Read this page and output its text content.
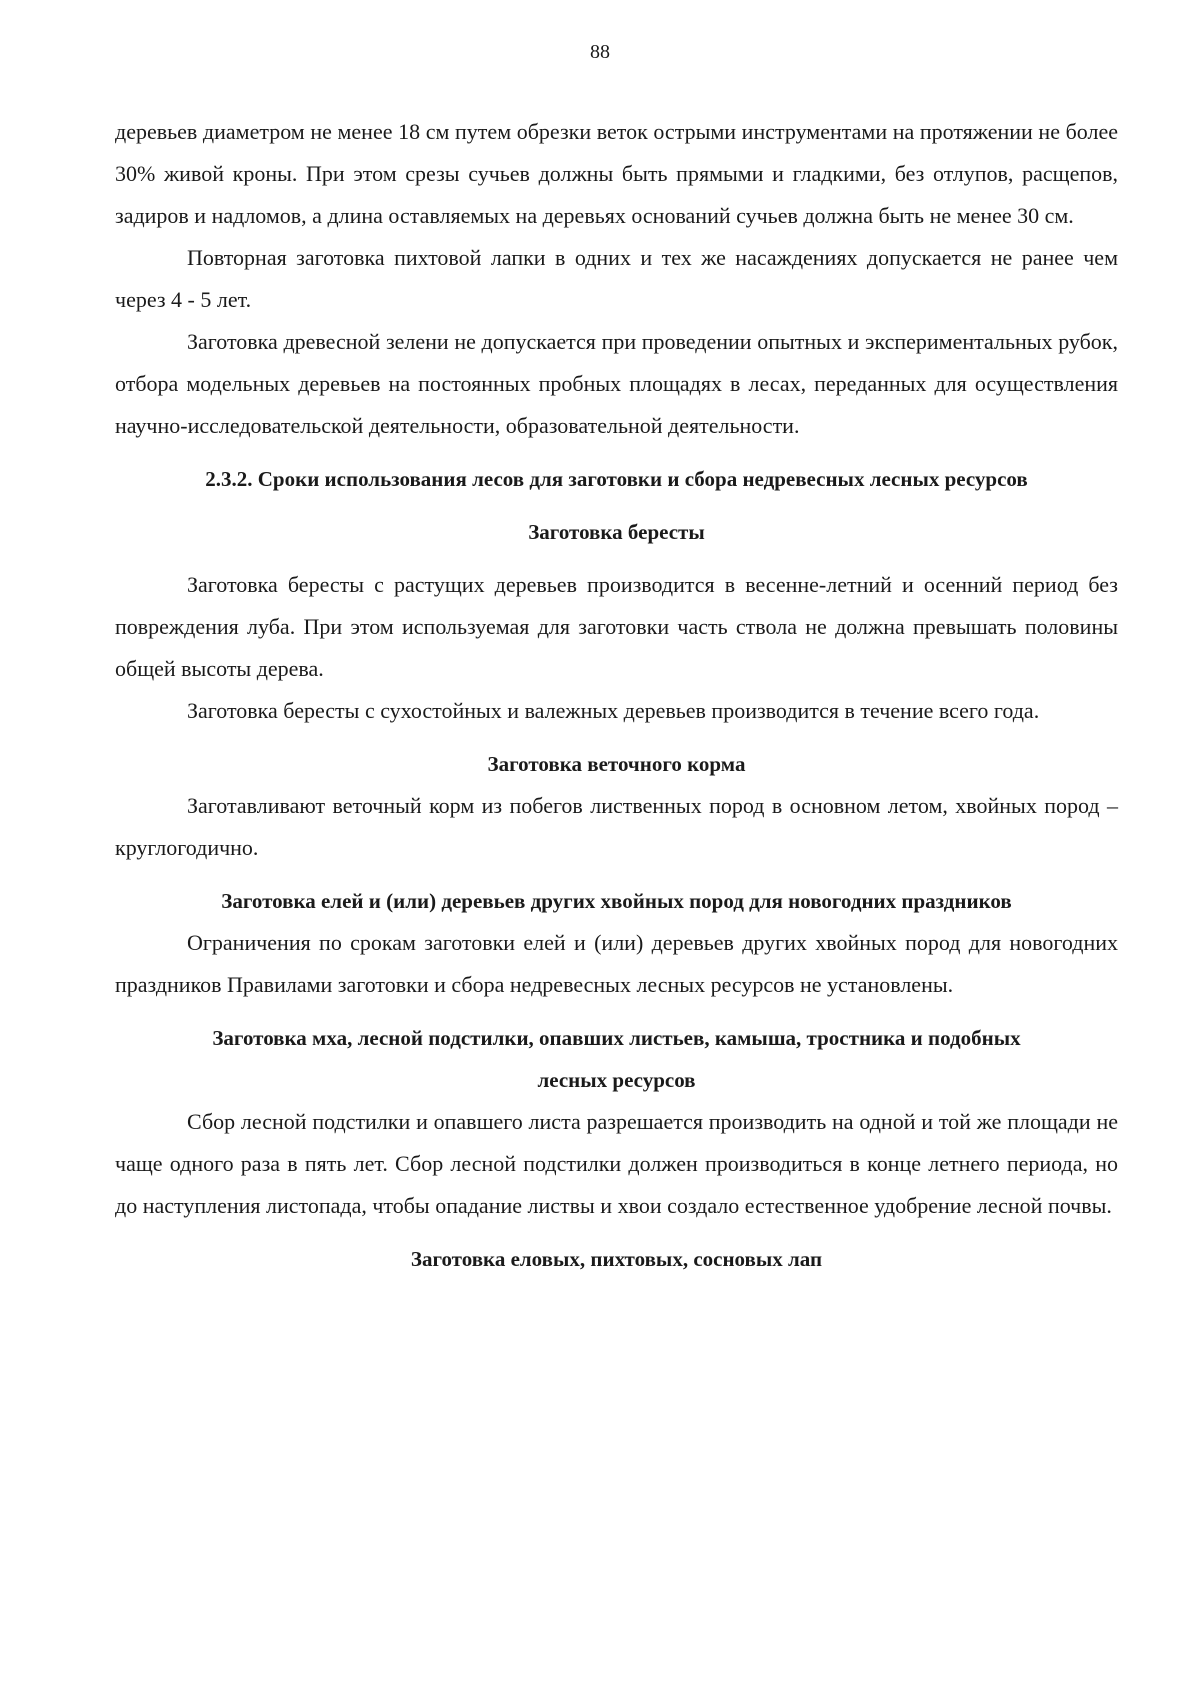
88

деревьев диаметром не менее 18 см путем обрезки веток острыми инструментами на протяжении не более 30% живой кроны. При этом срезы сучьев должны быть прямыми и гладкими, без отлупов, расщепов, задиров и надломов, а длина оставляемых на деревьях оснований сучьев должна быть не менее 30 см.

Повторная заготовка пихтовой лапки в одних и тех же насаждениях допускается не ранее чем через 4 - 5 лет.

Заготовка древесной зелени не допускается при проведении опытных и экспериментальных рубок, отбора модельных деревьев на постоянных пробных площадях в лесах, переданных для осуществления научно-исследовательской деятельности, образовательной деятельности.

2.3.2. Сроки использования лесов для заготовки и сбора недревесных лесных ресурсов

Заготовка бересты

Заготовка бересты с растущих деревьев производится в весенне-летний и осенний период без повреждения луба. При этом используемая для заготовки часть ствола не должна превышать половины общей высоты дерева.

Заготовка бересты с сухостойных и валежных деревьев производится в течение всего года.

Заготовка веточного корма

Заготавливают веточный корм из побегов лиственных пород в основном летом, хвойных пород – круглогодично.

Заготовка елей и (или) деревьев других хвойных пород для новогодних праздников

Ограничения по срокам заготовки елей и (или) деревьев других хвойных пород для новогодних праздников Правилами заготовки и сбора недревесных лесных ресурсов не установлены.

Заготовка мха, лесной подстилки, опавших листьев, камыша, тростника и подобных

лесных ресурсов

Сбор лесной подстилки и опавшего листа разрешается производить на одной и той же площади не чаще одного раза в пять лет. Сбор лесной подстилки должен производиться в конце летнего периода, но до наступления листопада, чтобы опадание листвы и хвои создало естественное удобрение лесной почвы.

Заготовка еловых, пихтовых, сосновых лап
